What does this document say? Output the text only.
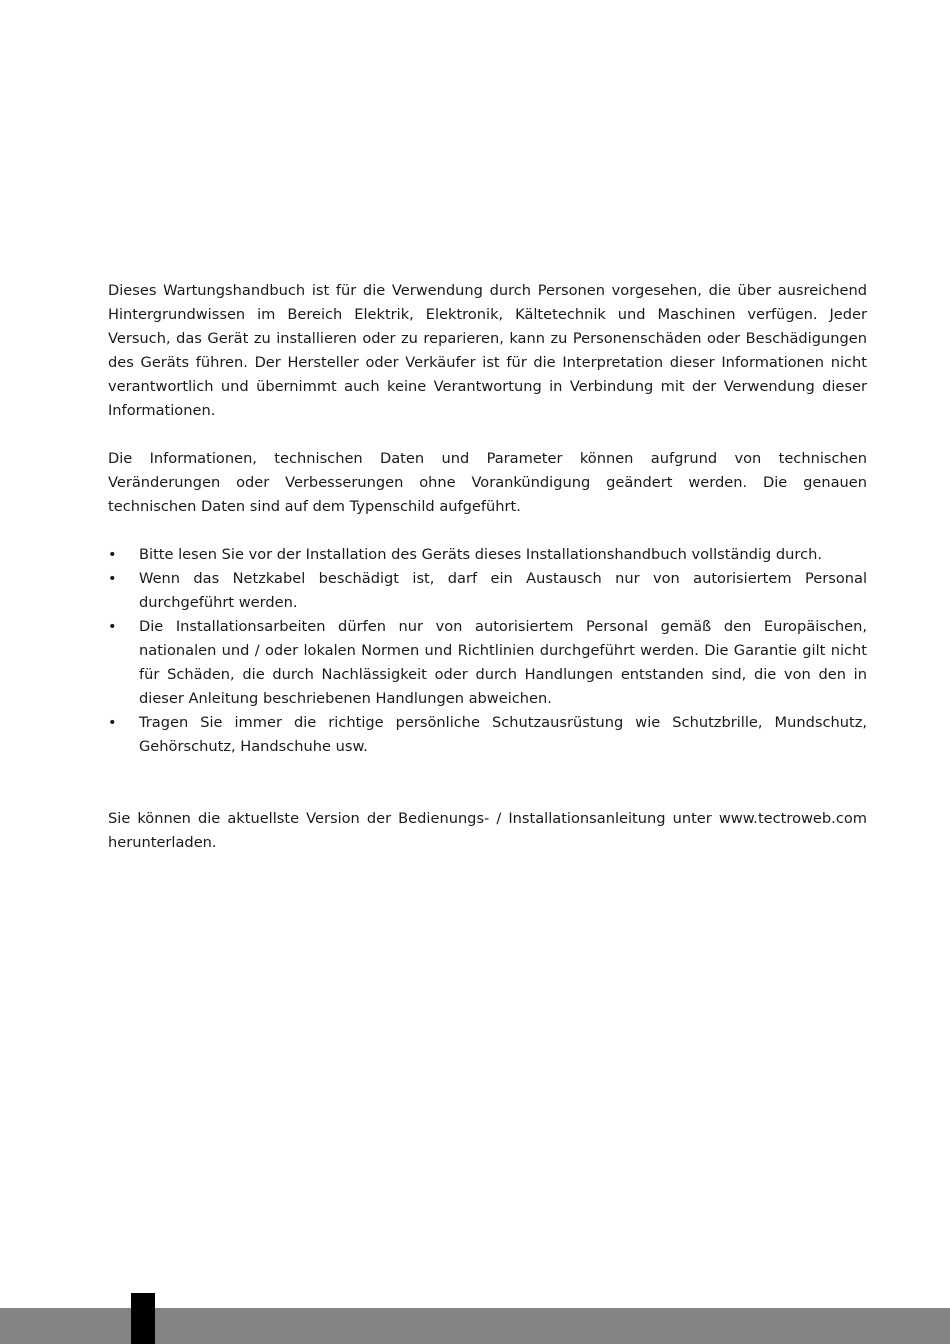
Dieses Wartungshandbuch ist für die Verwendung durch Personen vorgesehen, die über ausreichend Hintergrundwissen im Bereich Elektrik, Elektronik, Kältetechnik und Maschinen verfügen. Jeder Versuch, das Gerät zu installieren oder zu reparieren, kann zu Personenschäden oder Beschädigungen des Geräts führen. Der Hersteller oder Verkäufer ist für die Interpretation dieser Informationen nicht verantwortlich und übernimmt auch keine Verantwortung in Verbindung mit der Verwendung dieser Informationen.

Die Informationen, technischen Daten und Parameter können aufgrund von technischen Veränderungen oder Verbesserungen ohne Vorankündigung geändert werden. Die genauen technischen Daten sind auf dem Typenschild aufgeführt.

• Bitte lesen Sie vor der Installation des Geräts dieses Installationshandbuch vollständig durch.
• Wenn das Netzkabel beschädigt ist, darf ein Austausch nur von autorisiertem Personal durchgeführt werden.
• Die Installationsarbeiten dürfen nur von autorisiertem Personal gemäß den Europäischen, nationalen und / oder lokalen Normen und Richtlinien durchgeführt werden. Die Garantie gilt nicht für Schäden, die durch Nachlässigkeit oder durch Handlungen entstanden sind, die von den in dieser Anleitung beschriebenen Handlungen abweichen.
• Tragen Sie immer die richtige persönliche Schutzausrüstung wie Schutzbrille, Mundschutz, Gehörschutz, Handschuhe usw.

Sie können die aktuellste Version der Bedienungs- / Installationsanleitung unter www.tectroweb.com herunterladen.
